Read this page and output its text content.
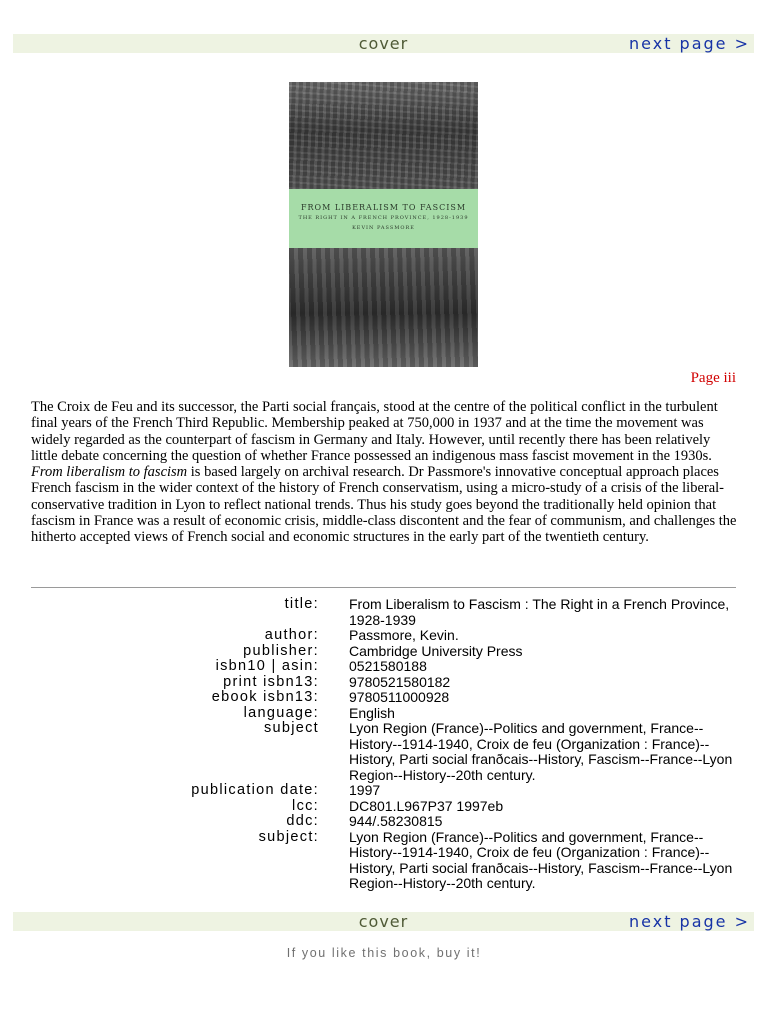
cover	next page >
FROM LIBERALISM TO FASCISM
THE RIGHT IN A FRENCH PROVINCE, 1928-1939
KEVIN PASSMORE
Page iii
The Croix de Feu and its successor, the Parti social français, stood at the centre of the political conflict in the turbulent final years of the French Third Republic. Membership peaked at 750,000 in 1937 and at the time the movement was widely regarded as the counterpart of fascism in Germany and Italy. However, until recently there has been relatively little debate concerning the question of whether France possessed an indigenous mass fascist movement in the 1930s. From liberalism to fascism is based largely on archival research. Dr Passmore's innovative conceptual approach places French fascism in the wider context of the history of French conservatism, using a micro-study of a crisis of the liberal-conservative tradition in Lyon to reflect national trends. Thus his study goes beyond the traditionally held opinion that fascism in France was a result of economic crisis, middle-class discontent and the fear of communism, and challenges the hitherto accepted views of French social and economic structures in the early part of the twentieth century.
title: From Liberalism to Fascism : The Right in a French Province, 1928-1939
author: Passmore, Kevin.
publisher: Cambridge University Press
isbn10 | asin: 0521580188
print isbn13: 9780521580182
ebook isbn13: 9780511000928
language: English
subject Lyon Region (France)--Politics and government, France--History--1914-1940, Croix de feu (Organization : France)--History, Parti social franðcais--History, Fascism--France--Lyon Region--History--20th century.
publication date: 1997
lcc: DC801.L967P37 1997eb
ddc: 944/.58230815
subject: Lyon Region (France)--Politics and government, France--History--1914-1940, Croix de feu (Organization : France)--History, Parti social franðcais--History, Fascism--France--Lyon Region--History--20th century.
cover	next page >
If you like this book, buy it!
